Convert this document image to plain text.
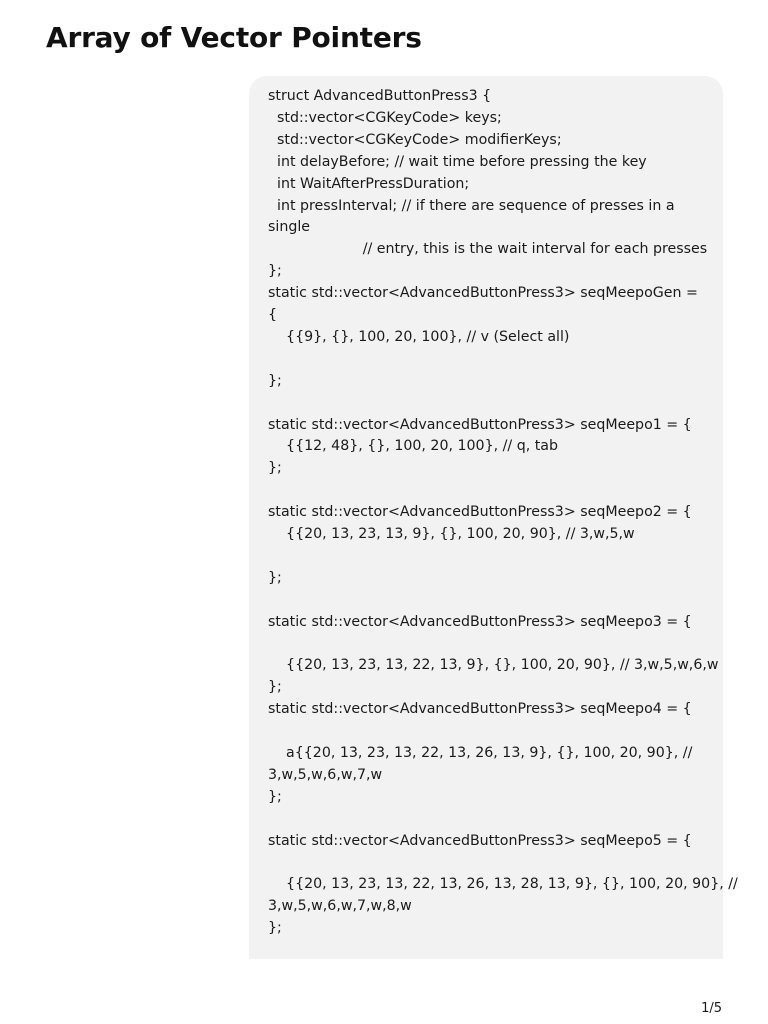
Array of Vector Pointers
struct AdvancedButtonPress3 {
std::vector<CGKeyCode> keys;
std::vector<CGKeyCode> modifierKeys;
int delayBefore; // wait time before pressing the key
int WaitAfterPressDuration;
int pressInterval; // if there are sequence of presses in a
single
// entry, this is the wait interval for each presses
};
static std::vector<AdvancedButtonPress3> seqMeepoGen =
{
{{9}, {}, 100, 20, 100}, // v (Select all)
};
static std::vector<AdvancedButtonPress3> seqMeepo1 = {
{{12, 48}, {}, 100, 20, 100}, // q, tab
};
static std::vector<AdvancedButtonPress3> seqMeepo2 = {
{{20, 13, 23, 13, 9}, {}, 100, 20, 90}, // 3,w,5,w
};
static std::vector<AdvancedButtonPress3> seqMeepo3 = {
{{20, 13, 23, 13, 22, 13, 9}, {}, 100, 20, 90}, // 3,w,5,w,6,w
};
static std::vector<AdvancedButtonPress3> seqMeepo4 = {
a{{20, 13, 23, 13, 22, 13, 26, 13, 9}, {}, 100, 20, 90}, //
3,w,5,w,6,w,7,w
};
static std::vector<AdvancedButtonPress3> seqMeepo5 = {
{{20, 13, 23, 13, 22, 13, 26, 13, 28, 13, 9}, {}, 100, 20, 90}, //
3,w,5,w,6,w,7,w,8,w
};
1/5
